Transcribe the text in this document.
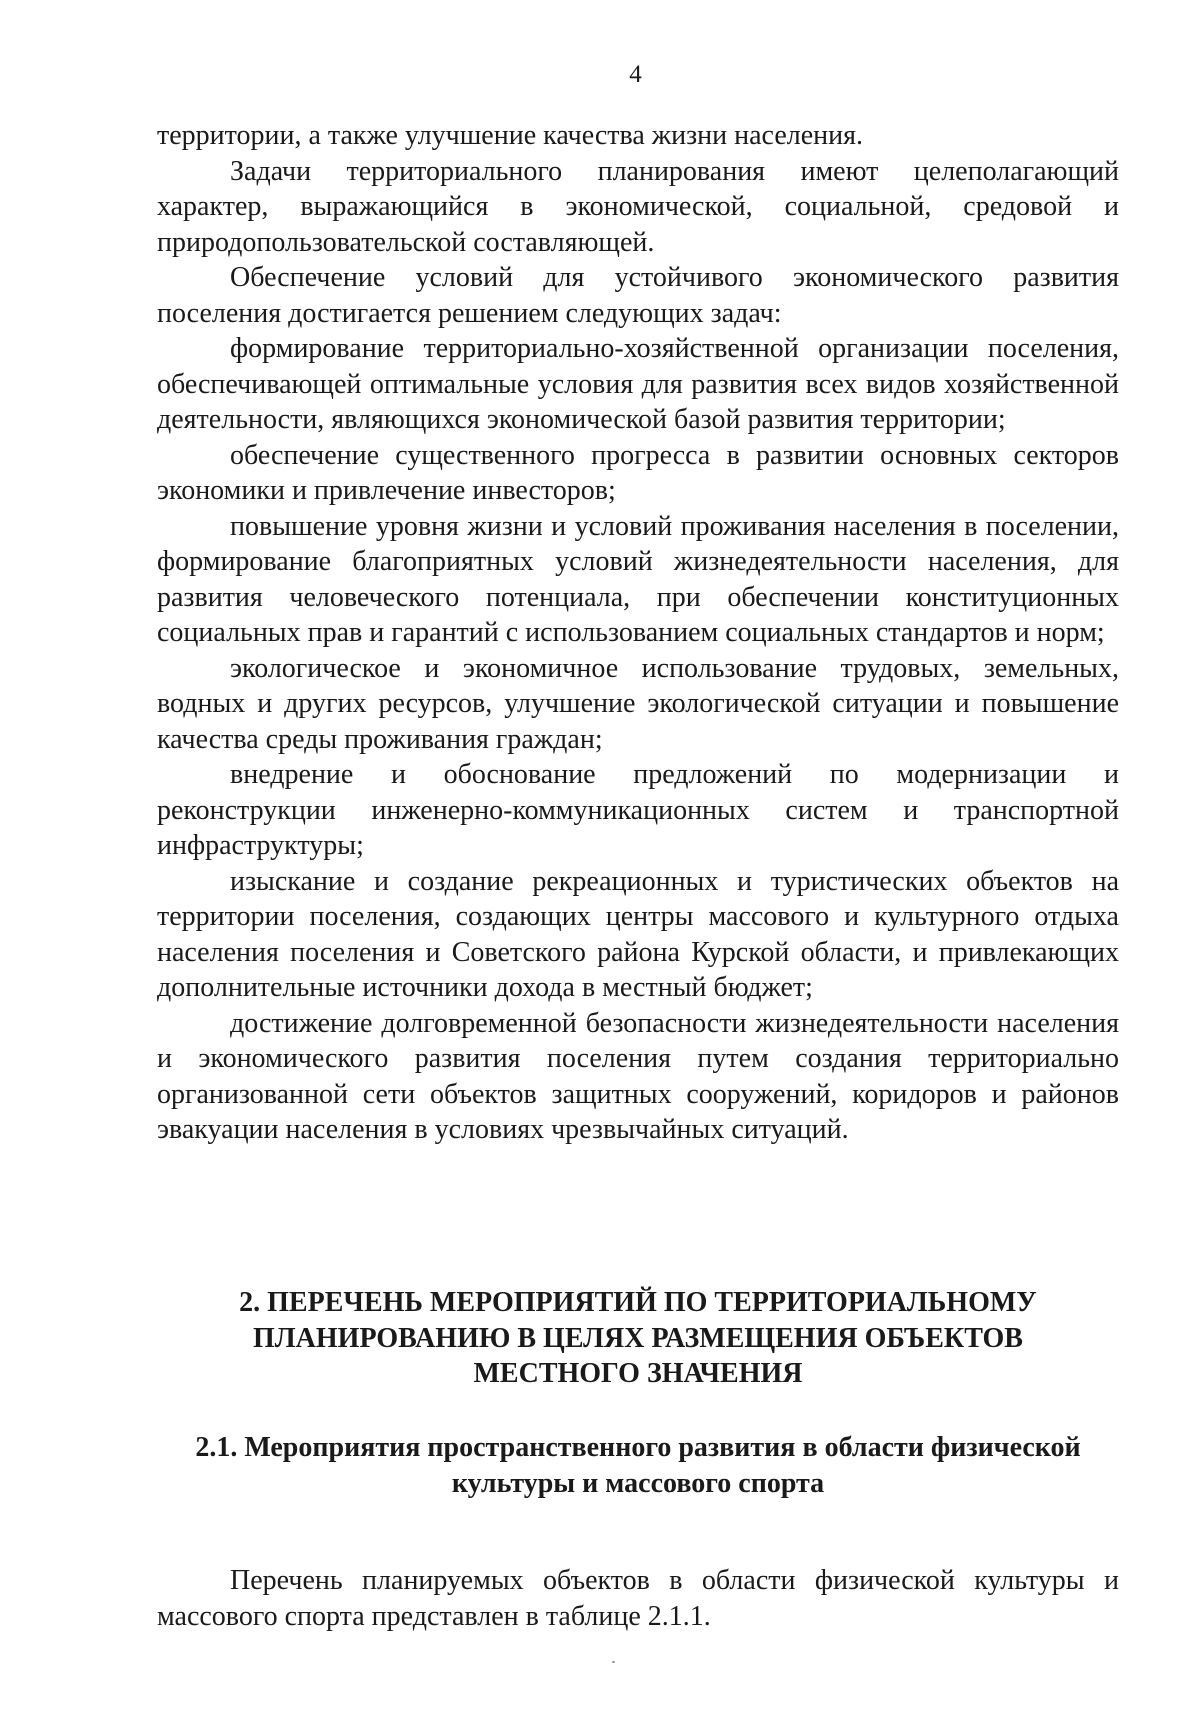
4

территории, а также улучшение качества жизни населения.

Задачи территориального планирования имеют целеполагающий характер, выражающийся в экономической, социальной, средовой и природопользовательской составляющей.

Обеспечение условий для устойчивого экономического развития поселения достигается решением следующих задач:

формирование территориально-хозяйственной организации поселения, обеспечивающей оптимальные условия для развития всех видов хозяйственной деятельности, являющихся экономической базой развития территории;

обеспечение существенного прогресса в развитии основных секторов экономики и привлечение инвесторов;

повышение уровня жизни и условий проживания населения в поселении, формирование благоприятных условий жизнедеятельности населения, для развития человеческого потенциала, при обеспечении конституционных социальных прав и гарантий с использованием социальных стандартов и норм;

экологическое и экономичное использование трудовых, земельных, водных и других ресурсов, улучшение экологической ситуации и повышение качества среды проживания граждан;

внедрение и обоснование предложений по модернизации и реконструкции инженерно-коммуникационных систем и транспортной инфраструктуры;

изыскание и создание рекреационных и туристических объектов на территории поселения, создающих центры массового и культурного отдыха населения поселения и Советского района Курской области, и привлекающих дополнительные источники дохода в местный бюджет;

достижение долговременной безопасности жизнедеятельности населения и экономического развития поселения путем создания территориально организованной сети объектов защитных сооружений, коридоров и районов эвакуации населения в условиях чрезвычайных ситуаций.

2. ПЕРЕЧЕНЬ МЕРОПРИЯТИЙ ПО ТЕРРИТОРИАЛЬНОМУ
ПЛАНИРОВАНИЮ В ЦЕЛЯХ РАЗМЕЩЕНИЯ ОБЪЕКТОВ
МЕСТНОГО ЗНАЧЕНИЯ
2.1. Мероприятия пространственного развития в области физической
культуры и массового спорта

Перечень планируемых объектов в области физической культуры и массового спорта представлен в таблице 2.1.1.
